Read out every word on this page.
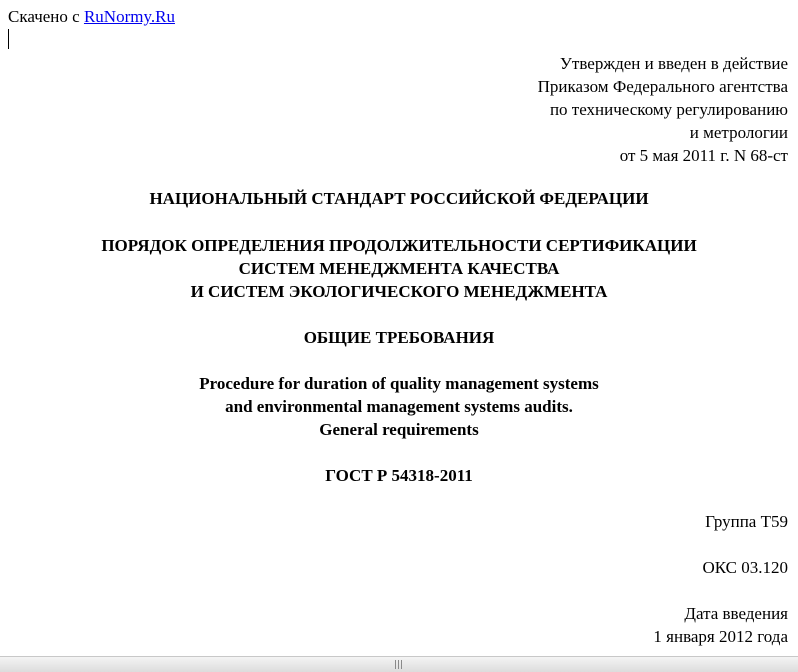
Скачено с RuNormy.Ru
Утвержден и введен в действие
Приказом Федерального агентства
по техническому регулированию
и метрологии
от 5 мая 2011 г. N 68-ст
НАЦИОНАЛЬНЫЙ СТАНДАРТ РОССИЙСКОЙ ФЕДЕРАЦИИ
ПОРЯДОК ОПРЕДЕЛЕНИЯ ПРОДОЛЖИТЕЛЬНОСТИ СЕРТИФИКАЦИИ
СИСТЕМ МЕНЕДЖМЕНТА КАЧЕСТВА
И СИСТЕМ ЭКОЛОГИЧЕСКОГО МЕНЕДЖМЕНТА
ОБЩИЕ ТРЕБОВАНИЯ
Procedure for duration of quality management systems
and environmental management systems audits.
General requirements
ГОСТ Р 54318-2011
Группа Т59
ОКС 03.120
Дата введения
1 января 2012 года
